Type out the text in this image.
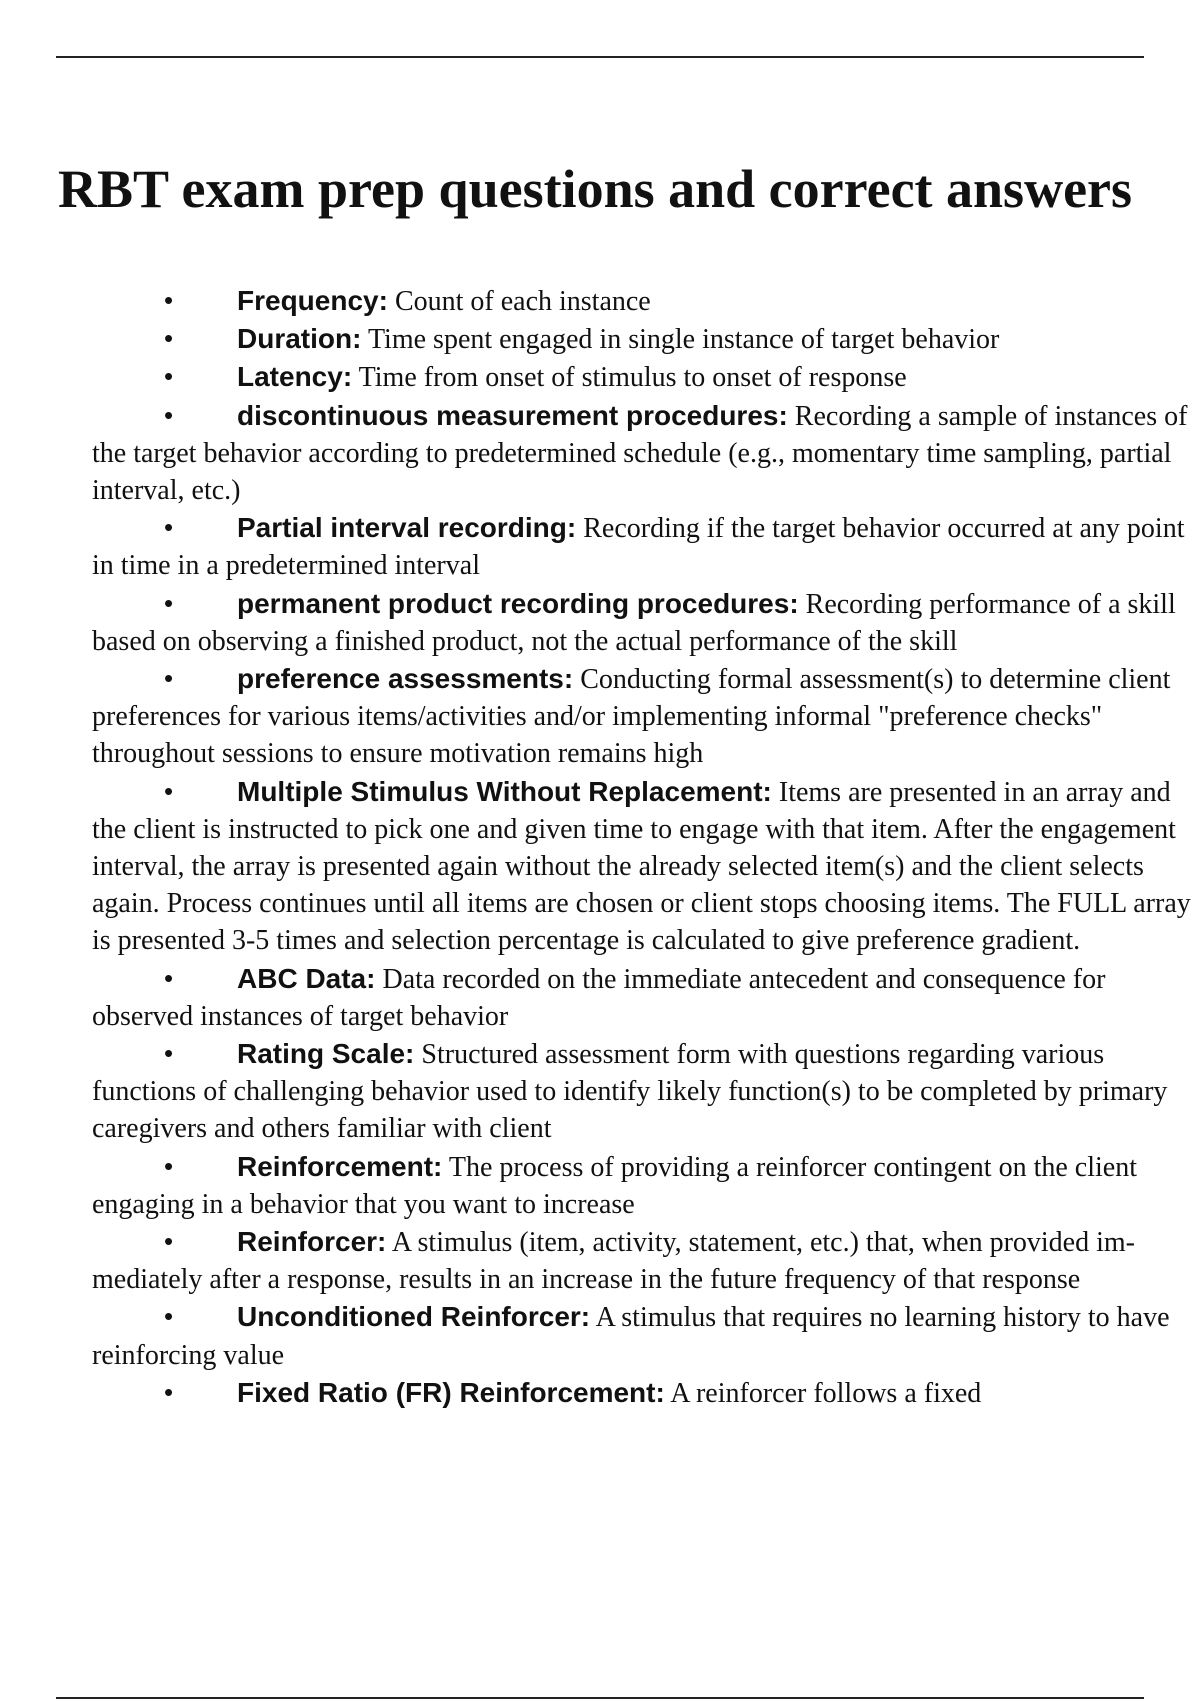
RBT exam prep questions and correct answers
• Frequency: Count of each instance
• Duration: Time spent engaged in single instance of target behavior
• Latency: Time from onset of stimulus to onset of response
• discontinuous measurement procedures: Recording a sample of instances of the target behavior according to predetermined schedule (e.g., momentary time sampling, partial interval, etc.)
• Partial interval recording: Recording if the target behavior occurred at any point in time in a predetermined interval
• permanent product recording procedures: Recording performance of a skill based on observing a finished product, not the actual performance of the skill
• preference assessments: Conducting formal assessment(s) to determine client preferences for various items/activities and/or implementing informal "preference checks" throughout sessions to ensure motivation remains high
• Multiple Stimulus Without Replacement: Items are presented in an array and the client is instructed to pick one and given time to engage with that item. After the engagement interval, the array is presented again without the already selected item(s) and the client selects again. Process continues until all items are chosen or client stops choosing items. The FULL array is presented 3-5 times and selection percentage is calculated to give preference gradient.
• ABC Data: Data recorded on the immediate antecedent and consequence for observed instances of target behavior
• Rating Scale: Structured assessment form with questions regarding various functions of challenging behavior used to identify likely function(s) to be completed by primary caregivers and others familiar with client
• Reinforcement: The process of providing a reinforcer contingent on the client engaging in a behavior that you want to increase
• Reinforcer: A stimulus (item, activity, statement, etc.) that, when provided im- mediately after a response, results in an increase in the future frequency of that response
• Unconditioned Reinforcer: A stimulus that requires no learning history to have reinforcing value
• Fixed Ratio (FR) Reinforcement: A reinforcer follows a fixed
